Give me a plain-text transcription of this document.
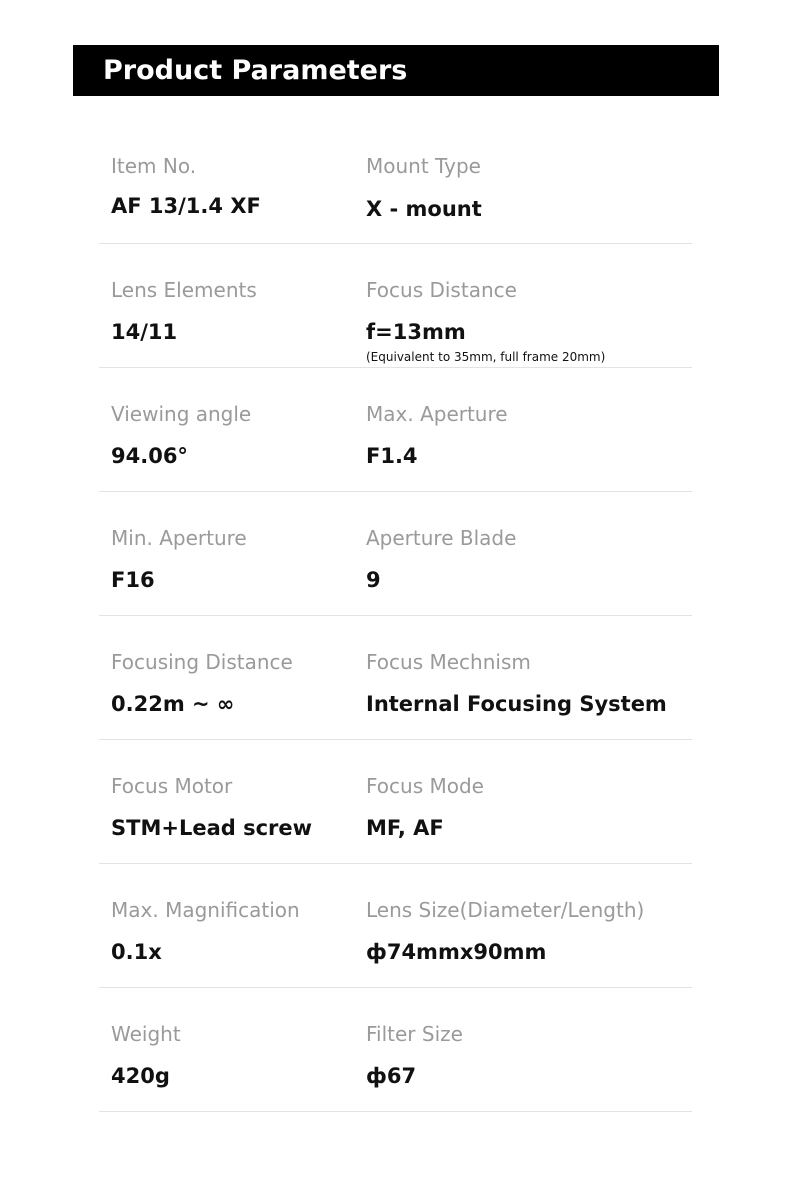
Product Parameters
Item No.
AF 13/1.4 XF
Mount Type
X - mount
Lens Elements
14/11
Focus Distance
f=13mm
(Equivalent to 35mm, full frame 20mm)
Viewing angle
94.06°
Max. Aperture
F1.4
Min. Aperture
F16
Aperture Blade
9
Focusing Distance
0.22m ~ ∞
Focus Mechnism
Internal Focusing System
Focus Motor
STM+Lead screw
Focus Mode
MF, AF
Max. Magnification
0.1x
Lens Size(Diameter/Length)
ф74mmx90mm
Weight
420g
Filter Size
ф67
